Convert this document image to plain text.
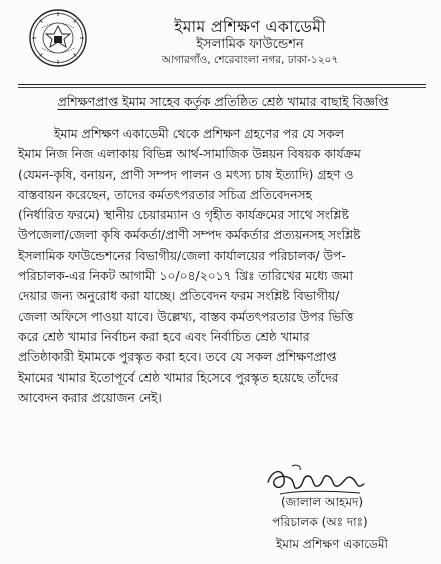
ইমাম প্রশিক্ষণ একাডেমী
ইসলামিক ফাউন্ডেশন
আগারগাঁও, শেরেবাংলা নগর, ঢাকা-১২০৭
প্রশিক্ষণপ্রাপ্ত ইমাম সাহেব কর্তৃক প্রতিষ্ঠিত শ্রেষ্ঠ খামার বাছাই বিজ্ঞপ্তি
ইমাম প্রশিক্ষণ একাডেমী থেকে প্রশিক্ষণ গ্রহণের পর যে সকল
ইমাম নিজ নিজ এলাকায় বিভিন্ন আর্থ-সামাজিক উন্নয়ন বিষয়ক কার্যক্রম
(যেমন-কৃষি, বনায়ন, প্রাণী সম্পদ পালন ও মৎস্য চাষ ইত্যাদি) গ্রহণ ও
বাস্তবায়ন করেছেন, তাদের কর্মতৎপরতার সচিত্র প্রতিবেদনসহ
(নির্ধারিত ফরমে) স্থানীয় চেয়ারম্যান ও গৃহীত কার্যক্রমের সাথে সংশ্লিষ্ট
উপজেলা/জেলা কৃষি কর্মকর্তা/প্রাণী সম্পদ কর্মকর্তার প্রত্যয়নসহ সংশ্লিষ্ট
ইসলামিক ফাউন্ডেশনের বিভাগীয়/জেলা কার্যালয়ের পরিচালক/ উপ-
পরিচালক-এর নিকট আগামী ১০/০৪/২০১৭ খ্রিঃ তারিখের মধ্যে জমা
দেয়ার জন্য অনুরোধ করা যাচ্ছে। প্রতিবেদন ফরম সংশ্লিষ্ট বিভাগীয়/
জেলা অফিসে পাওয়া যাবে। উল্লেখ্য, বাস্তব কর্মতৎপরতার উপর ভিত্তি
করে শ্রেষ্ঠ খামার নির্বাচন করা হবে এবং নির্বাচিত শ্রেষ্ঠ খামার
প্রতিষ্ঠাকারী ইমামকে পুরস্কৃত করা হবে। তবে যে সকল প্রশিক্ষণপ্রাপ্ত
ইমামের খামার ইতোপূর্বে শ্রেষ্ঠ খামার হিসেবে পুরস্কৃত হয়েছে তাঁদের
আবেদন করার প্রয়োজন নেই।
(জালাল আহমদ)
পরিচালক (অঃ দাঃ)
ইমাম প্রশিক্ষণ একাডেমী
